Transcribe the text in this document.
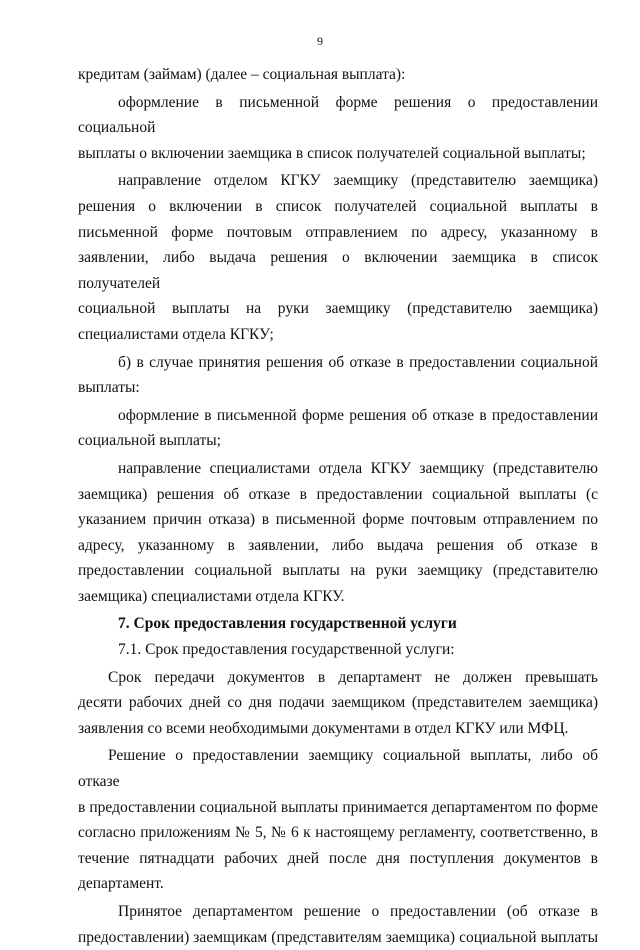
9

кредитам (займам) (далее – социальная выплата):

оформление в письменной форме решения о предоставлении социальной

выплаты о включении заемщика в список получателей социальной выплаты;

направление отделом КГКУ заемщику (представителю заемщика)

решения о включении в список получателей социальной выплаты в

письменной форме почтовым отправлением по адресу, указанному в

заявлении, либо выдача решения о включении заемщика в список получателей

социальной выплаты на руки заемщику (представителю заемщика)

специалистами отдела КГКУ;

б) в случае принятия решения об отказе в предоставлении социальной

выплаты:

оформление в письменной форме решения об отказе в предоставлении

социальной выплаты;

направление специалистами отдела КГКУ заемщику (представителю

заемщика) решения об отказе в предоставлении социальной выплаты (с

указанием причин отказа) в письменной форме почтовым отправлением по

адресу, указанному в заявлении, либо выдача решения об отказе в

предоставлении социальной выплаты на руки заемщику (представителю

заемщика) специалистами отдела КГКУ.

7. Срок предоставления государственной услуги

7.1. Срок предоставления государственной услуги:

Срок передачи документов в департамент не должен превышать

десяти рабочих дней со дня подачи заемщиком (представителем заемщика)

заявления со всеми необходимыми документами в отдел КГКУ или МФЦ.

Решение о предоставлении заемщику социальной выплаты, либо об отказе

в предоставлении социальной выплаты принимается департаментом по форме

согласно приложениям № 5, № 6 к настоящему регламенту, соответственно, в

течение пятнадцати рабочих дней после дня поступления документов в

департамент.

Принятое департаментом решение о предоставлении (об отказе в

предоставлении) заемщикам (представителям заемщика) социальной выплаты
